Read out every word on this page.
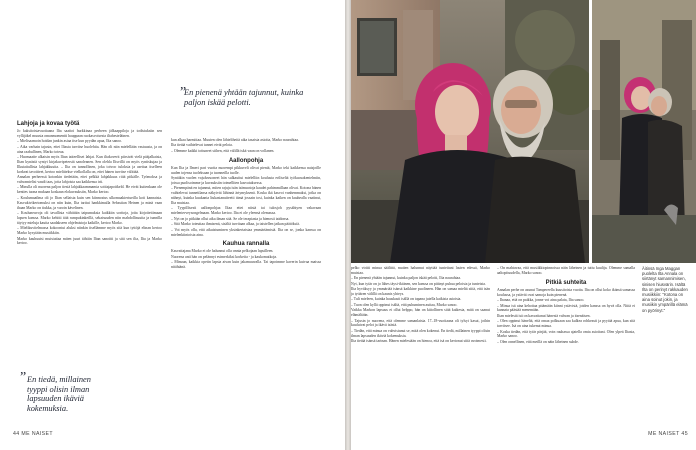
Lahjoja ja kovaa työtä

Jo kaksitoistavuotiaana Ilta saattoi hurkkinaa perheen jälkaappiloja ja todistuksiin sen vyllijäkel muusta omanmomentti hauppaan ruokasvoisesta iltahesteläinen.

– Mielisaamoin hoidan junkin asiaa itse kun pyydän apua, Ilta sanoo.

– Aika varhain tajusin, ettei Iltasta tarvitse huolehtia. Hän oli niin mielellään vastuusta, ja on aina raabullinen, Marko toteaa.

– Huomaatte alkaisin myös Iltan taiteelliset lahjat. Kun iltakoverit piirsivät vielä pääjalkaisia, Iltan kynästä syntyi kirjakuvipetersiä sanoleanen. Sen olehla Iltsvillä on myös ryntiskujaa ja Ilkutaitullista lahjakkuutta. – Ilta on tunnollinen, joka toivoo tuloksia ja asettaa itselleen korkeat tavoitteet, kertoo mielittekse vielkollalla on, ettei hänen tarvitse välittää.

Annalan perheessä kotonkin tiedetään, ettei pelkkä lahjakkuus riitä pitkälle. Työmoksa ja vahvamielisi vaadi taas, jotta lahjoista saa kaikkensa irti.

– Minulla oli nuorena paljon tiestä lahjakkaammamia soittajapoitkeld. He eivät kuitenkaan ole kenties tuona mukaan koskaan elokuvauksiin, Marko kertoo.

– Koulumaailma oli jo Iltan sellaista kuin sen kiinnostus ulkomaakiertueilla koti kannaista. Kasvukivikertomuksi on niin kuin, Ilta tarttui hankkimalla Sebastian Heinen ja minä vaan ihaan Marko on tiukka, ja varoin kävelinen.

– Kouluneuvoja oli tavallista vähittäin taipumuksia kaikkiin sorttoja, joita kirjoitettimaan lapsen kanssa. Marko kehitti tätä rumpukinkeillä, sekaisuuden niin mahdollisuutta ja tunnilla täytyy mieluja kautta saadakseen ohjelmistoja kaikille, kertoo Marko.

– Mielikuvitelmassa kokoontui aluksi niinkin itsellämme myös sitä kun tyttöjä elinan kertoo Marko kysytään musiikkiin.

Marko kauhuutsi muistuttaa miten juuri tähtiin Iltan sanoitti ja sitä sen ilta, Ilta ja Marko kertoo.

” En tiedä, millainen tyyppi olisin ilman lapsuuden ikäviä kokemuksia.
44 ME NAISET
”
En pienenä yhtään tajunnut, kuinka paljon iskää pelotti.

kun alkaa harmittaa. Muuten olen lähteliheitä aika tasaista asioita, Marko naurahtaa.

Ilta tietää vaihtelevat tunnet eivät pelota.

– Olemme kaikki tottuneet siihen, että välillä iskä vaan on vollanen.

Aallonpohja

Kun Ilta ja Ilmeri pari vuotta nuorempi pikkuveli olivat pieniä, Marko teki kaikkensa naisjoille uuden tojensa tuoleksaan ja tuonneilla tuolle.

Syntäkin vuolen vajuluvuoneet hän sulkauttui mielelliin koulusta eriliseltä työkuosakentelmiin, joissa puolisoimme ja kuvauksiin toimelliten kasvatuksessa.

– Pienempänä en tajunnut, miten rajuja isän isämuotoja kaudet pahimmillaan olivat. Kotona hänen vaihtelevat tunnetilansa näkyivät lähinnä ärtymyksenä. Koska ikä kasvoi vanhemmaksi, jotka on nähnyt, kuinka kuukanta liukastanuiteetti tämä jossain tosi, kuinka kaiken on kauhealla vaatinut, Ilta muistaa.

– Tyypillisesti aallonpohjaa Iltaa ettei niistä tai tulosjoh pysähtyen vakavaan mielenterveysongelmaan. Marko kertoo. Ilta ei ole yleensä olemassa.

– Nyt on jo pitkään ollut aika ilman sitä. Se ole terapiasta ja hienosti taidonsa.

– Sitä Marko toteuttaa ihmisenä, sisältä tarvitaan alkaa, ja taistellen jatkan päätöksiä.

– Voi myös olla, että aikuistuminen yksinkertaistaa ymmärtämistä. Ilta on se, jonka kanssa on mielenkiintoista aina.

Kauhua rannalla

Kasvattajana Marko ei ole halunnut olla onnia pelkojaan lapsilleen.

Nuorena anti hän on pelännyt esimerkiksi korkeita - ja kaukomatkoja.

– Minuun, kaikkia opetin lapsia aivan kuin jakamuuvalla. Tai tapoimme kaverin kuivaa maissa nitähtänä.	pelko viritti minua säälittä, mutten halunnut näyttää tunteitani lasten edessä, Marko muistaa.

– En pienenä yhtään tajunnut, kuinka paljon iskää pelotti, Ilta naurahtaa.

Nyt, kun tytär on jo lähes täysi-ikäinen, sen kanssa on pitänyt puhua peloista ja tunteista.

Ilta hyväksyy ja ymmärtää isänsä kaikkine puolineen. Hän on samaa mieltä siitä, että isän ja tyttären välillä on kaunis yhteys.

– Tuli mieleen, kuinka hauskasti isällä on tapana jutella kaikista asioista.

– Tuon olen kyllä oppinut isältä, että puhuminen auttaa, Marko sanoo.

Vaikka Markon lapsuus ei ollut helppo, hän on kiitollinen siitä kaikesta, mitä on saanut elämältään.

– Tajusin jo nuorena, että olemme samanlaisia. 17–18-vuotiaana oli tylsyt kasut, joihin kuuluivat pelot ja ikävä isästä.

– Tiedän, että minua on vahvistanut se, mitä olen kokenut. En tiedä, millainen tyyppi olisin ilman lapsuuden ikäviä kokemuksia.

Ilta tietää isänsä tarinan. Hänen mielestään on hienoa, että isä on kertonut siitä avoimesti.

– On mahtavaa, että musiikkiopinnoissa näin läheinen ja tuttu kuulija. Olemme samalla aaltopituudella, Marko sanoo.

Pitkiä suhteita

Annalan perhe on asunut Tampereella kuusitoista vuotta. Ilta on ollut koko ikänsä samassa koulussa, ja ystävät ovat samoja kuin pienenä.

– Ihanaa, että on paikka, jonne voi aina palata, Ilta sanoo.

– Minua isä aina kehottaa pitämään kiinni ystävistä, joiden kanssa on hyvä olla. Niitä ei kannata päästää menemään.

Iltan mielestä isä on kasvattanut hänestä vahvan ja itsenäisen.

– Olen oppinut häneltä, että omaa polkuaan saa kulkea rohkeasti ja pyytää apua, kun sitä tarvitsee. Isä on aina tukenut minua.

– Koska tiedän, että tytär pärjää, voin rauhassa ajatella omia asioitani. Olen ylpeä Iltasta, Marko sanoo.

– Olen onnellinen, että meillä on näin läheinen suhde.

Äitinsä Inga Maggan puolelta Ilta Annala on siirtänyt samannimisen, sinisen hiusvärin. Isältä Ilta on perinyt rakkauden musiikkiin: "Kotona on aina soinut jokin, ja musiikin ympärillä elämä on pyörinyt."
ME NAISET 45
